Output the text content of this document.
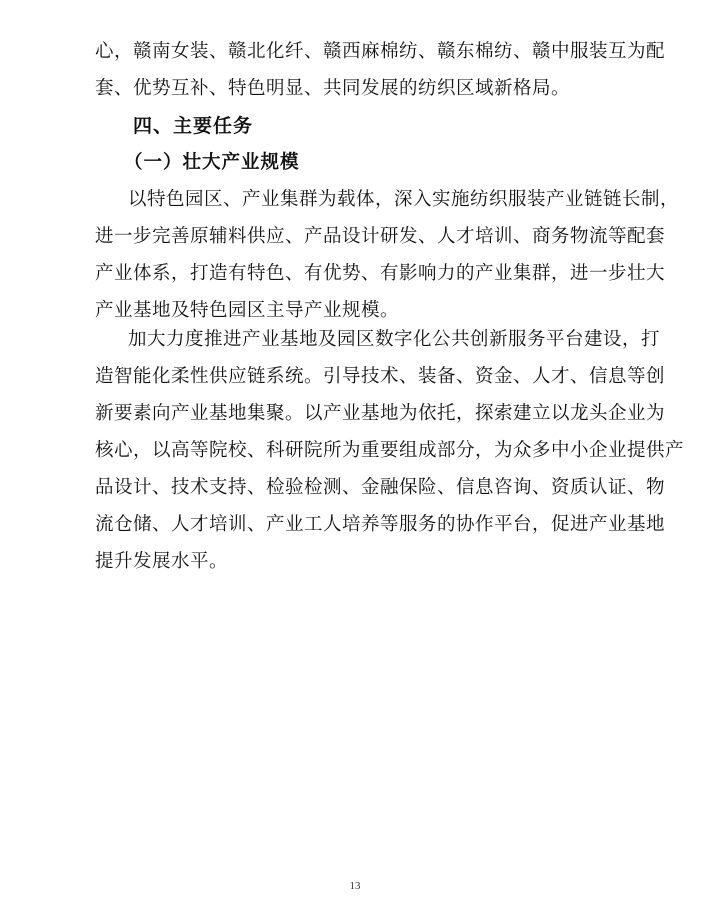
心，赣南女装、赣北化纤、赣西麻棉纺、赣东棉纺、赣中服装互为配
套、优势互补、特色明显、共同发展的纺织区域新格局。
四、主要任务
（一）壮大产业规模
以特色园区、产业集群为载体，深入实施纺织服装产业链链长制，
进一步完善原辅料供应、产品设计研发、人才培训、商务物流等配套
产业体系，打造有特色、有优势、有影响力的产业集群，进一步壮大
产业基地及特色园区主导产业规模。
加大力度推进产业基地及园区数字化公共创新服务平台建设，打
造智能化柔性供应链系统。引导技术、装备、资金、人才、信息等创
新要素向产业基地集聚。以产业基地为依托，探索建立以龙头企业为
核心，以高等院校、科研院所为重要组成部分，为众多中小企业提供产
品设计、技术支持、检验检测、金融保险、信息咨询、资质认证、物
流仓储、人才培训、产业工人培养等服务的协作平台，促进产业基地
提升发展水平。
13
